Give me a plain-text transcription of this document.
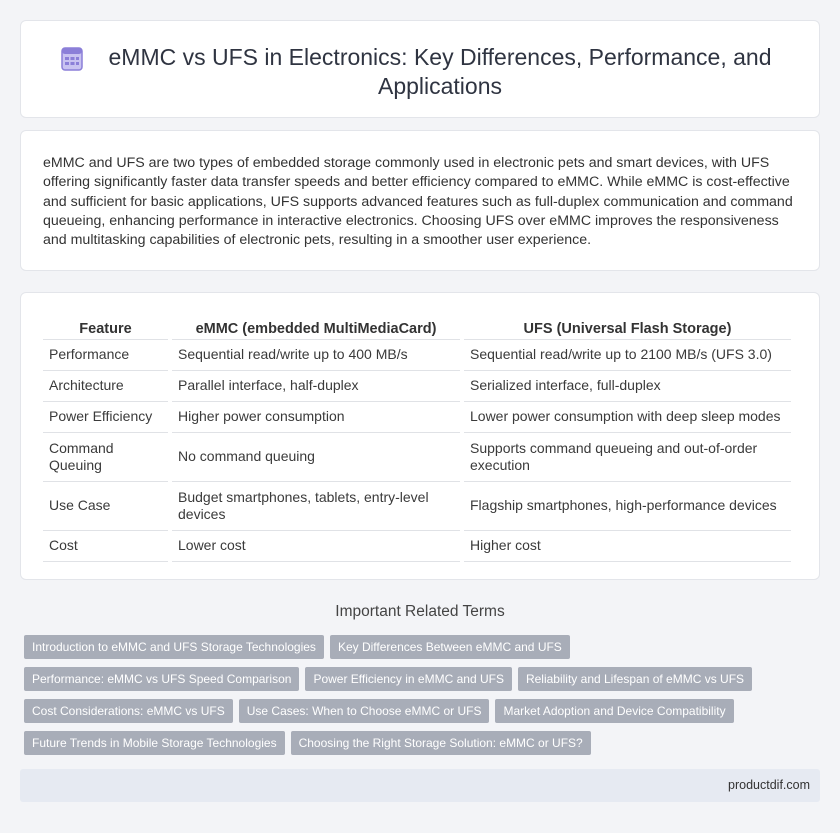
eMMC vs UFS in Electronics: Key Differences, Performance, and Applications

eMMC and UFS are two types of embedded storage commonly used in electronic pets and smart devices, with UFS offering significantly faster data transfer speeds and better efficiency compared to eMMC. While eMMC is cost-effective and sufficient for basic applications, UFS supports advanced features such as full-duplex communication and command queueing, enhancing performance in interactive electronics. Choosing UFS over eMMC improves the responsiveness and multitasking capabilities of electronic pets, resulting in a smoother user experience.

Feature	eMMC (embedded MultiMediaCard)	UFS (Universal Flash Storage)
Performance	Sequential read/write up to 400 MB/s	Sequential read/write up to 2100 MB/s (UFS 3.0)
Architecture	Parallel interface, half-duplex	Serialized interface, full-duplex
Power Efficiency	Higher power consumption	Lower power consumption with deep sleep modes
Command Queuing	No command queuing	Supports command queueing and out-of-order execution
Use Case	Budget smartphones, tablets, entry-level devices	Flagship smartphones, high-performance devices
Cost	Lower cost	Higher cost
Important Related Terms
Introduction to eMMC and UFS Storage Technologies	Key Differences Between eMMC and UFS
Performance: eMMC vs UFS Speed Comparison	Power Efficiency in eMMC and UFS	Reliability and Lifespan of eMMC vs UFS
Cost Considerations: eMMC vs UFS	Use Cases: When to Choose eMMC or UFS	Market Adoption and Device Compatibility
Future Trends in Mobile Storage Technologies	Choosing the Right Storage Solution: eMMC or UFS?
productdif.com
